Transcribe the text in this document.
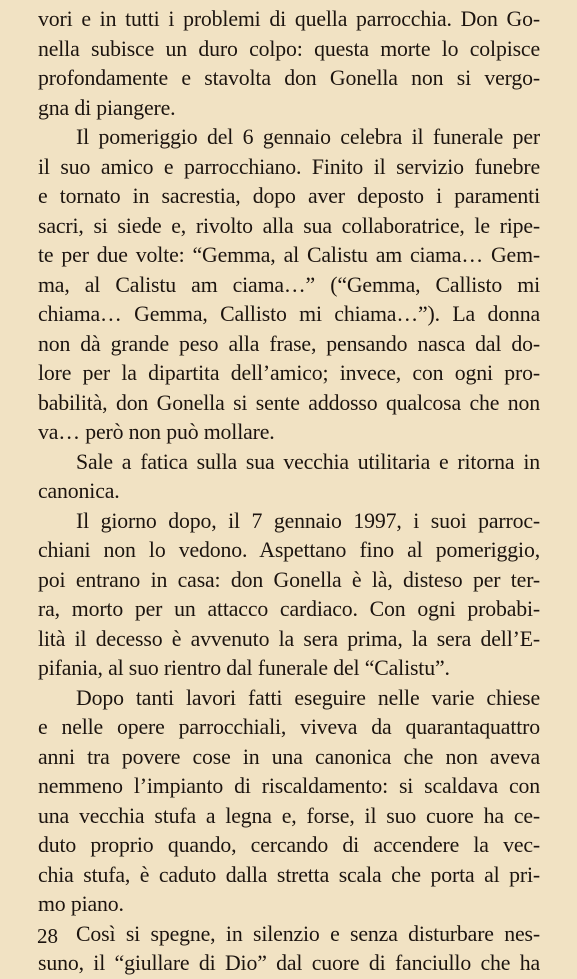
vori e in tutti i problemi di quella parrocchia. Don Go-
nella subisce un duro colpo: questa morte lo colpisce
profondamente e stavolta don Gonella non si vergo-
gna di piangere.
Il pomeriggio del 6 gennaio celebra il funerale per
il suo amico e parrocchiano. Finito il servizio funebre
e tornato in sacrestia, dopo aver deposto i paramenti
sacri, si siede e, rivolto alla sua collaboratrice, le ripe-
te per due volte: “Gemma, al Calistu am ciama… Gem-
ma, al Calistu am ciama…” (“Gemma, Callisto mi
chiama… Gemma, Callisto mi chiama…”). La donna
non dà grande peso alla frase, pensando nasca dal do-
lore per la dipartita dell’amico; invece, con ogni pro-
babilità, don Gonella si sente addosso qualcosa che non
va… però non può mollare.
Sale a fatica sulla sua vecchia utilitaria e ritorna in
canonica.
Il giorno dopo, il 7 gennaio 1997, i suoi parroc-
chiani non lo vedono. Aspettano fino al pomeriggio,
poi entrano in casa: don Gonella è là, disteso per ter-
ra, morto per un attacco cardiaco. Con ogni probabi-
lità il decesso è avvenuto la sera prima, la sera dell’E-
pifania, al suo rientro dal funerale del “Calistu”.
Dopo tanti lavori fatti eseguire nelle varie chiese
e nelle opere parrocchiali, viveva da quarantaquattro
anni tra povere cose in una canonica che non aveva
nemmeno l’impianto di riscaldamento: si scaldava con
una vecchia stufa a legna e, forse, il suo cuore ha ce-
duto proprio quando, cercando di accendere la vec-
chia stufa, è caduto dalla stretta scala che porta al pri-
mo piano.
Così si spegne, in silenzio e senza disturbare nes-
suno, il “giullare di Dio” dal cuore di fanciullo che ha
28
